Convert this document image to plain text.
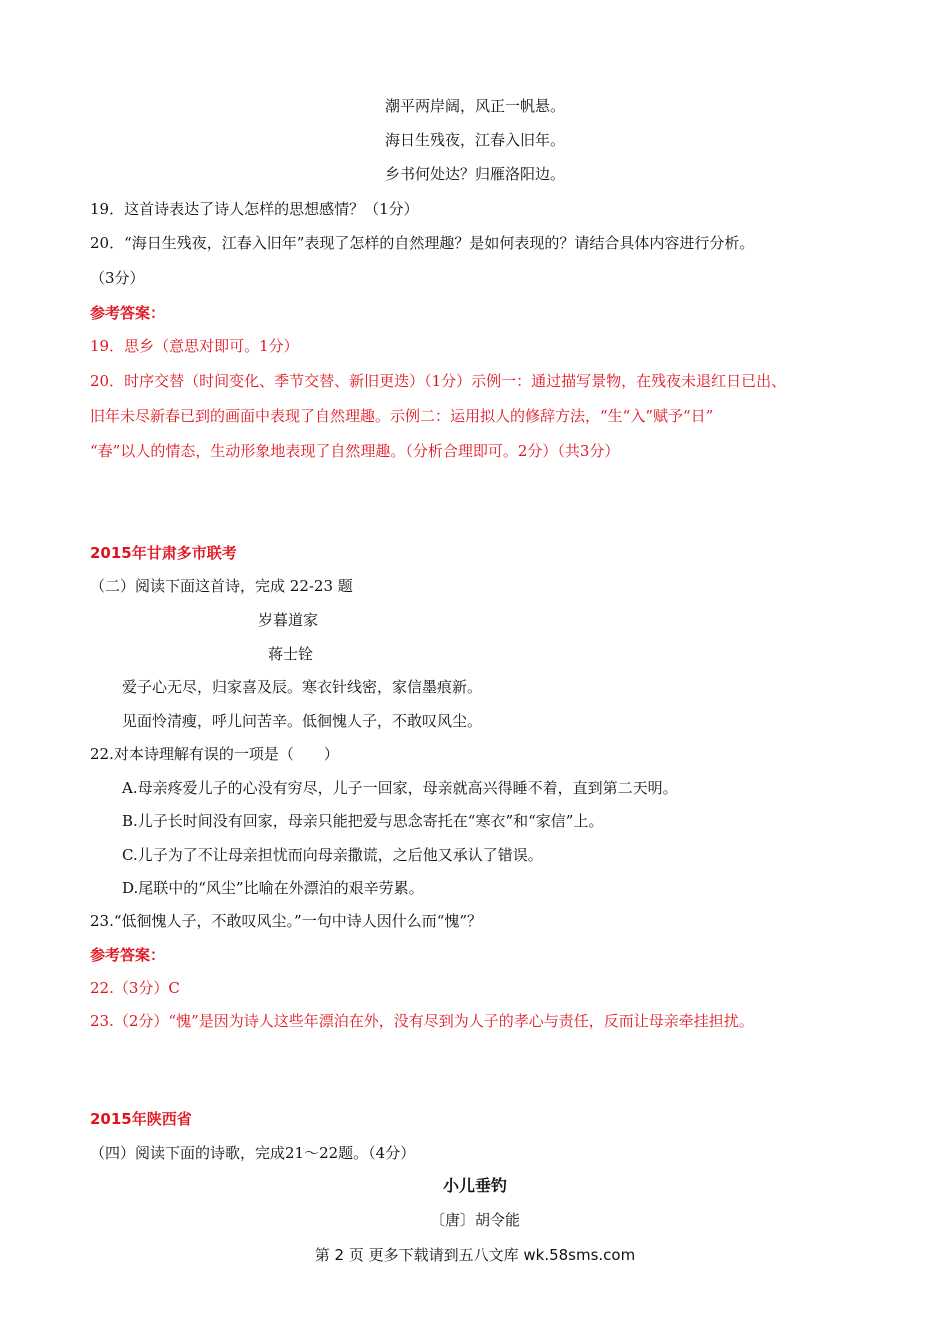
潮平两岸阔，风正一帆悬。
海日生残夜，江春入旧年。
乡书何处达？归雁洛阳边。
19．这首诗表达了诗人怎样的思想感情？（1分）
20．“海日生残夜，江春入旧年”表现了怎样的自然理趣？是如何表现的？请结合具体内容进行分析。
（3分）
参考答案：
19．思乡（意思对即可。1分）
20．时序交替（时间变化、季节交替、新旧更迭）（1分）示例一：通过描写景物，在残夜未退红日已出、
旧年未尽新春已到的画面中表现了自然理趣。示例二：运用拟人的修辞方法，“生“入”赋予“日”
“春”以人的情态，生动形象地表现了自然理趣。（分析合理即可。2分）（共3分）
2015年甘肃多市联考
（二）阅读下面这首诗，完成 22-23 题
岁暮道家
蒋士铨
爱子心无尽，归家喜及辰。寒衣针线密，家信墨痕新。
见面怜清瘦，呼儿问苦辛。低徊愧人子，不敢叹风尘。
22.对本诗理解有误的一项是（　　）
A.母亲疼爱儿子的心没有穷尽，儿子一回家，母亲就高兴得睡不着，直到第二天明。
B.儿子长时间没有回家，母亲只能把爱与思念寄托在“寒衣”和“家信”上。
C.儿子为了不让母亲担忧而向母亲撒谎，之后他又承认了错误。
D.尾联中的“风尘”比喻在外漂泊的艰辛劳累。
23.“低徊愧人子，不敢叹风尘。”一句中诗人因什么而“愧”？
参考答案：
22.（3分）C
23.（2分）“愧”是因为诗人这些年漂泊在外，没有尽到为人子的孝心与责任，反而让母亲牵挂担扰。
2015年陕西省
（四）阅读下面的诗歌，完成21～22题。（4分）
小儿垂钓
〔唐〕胡令能
第 2 页 更多下载请到五八文库 wk.58sms.com
